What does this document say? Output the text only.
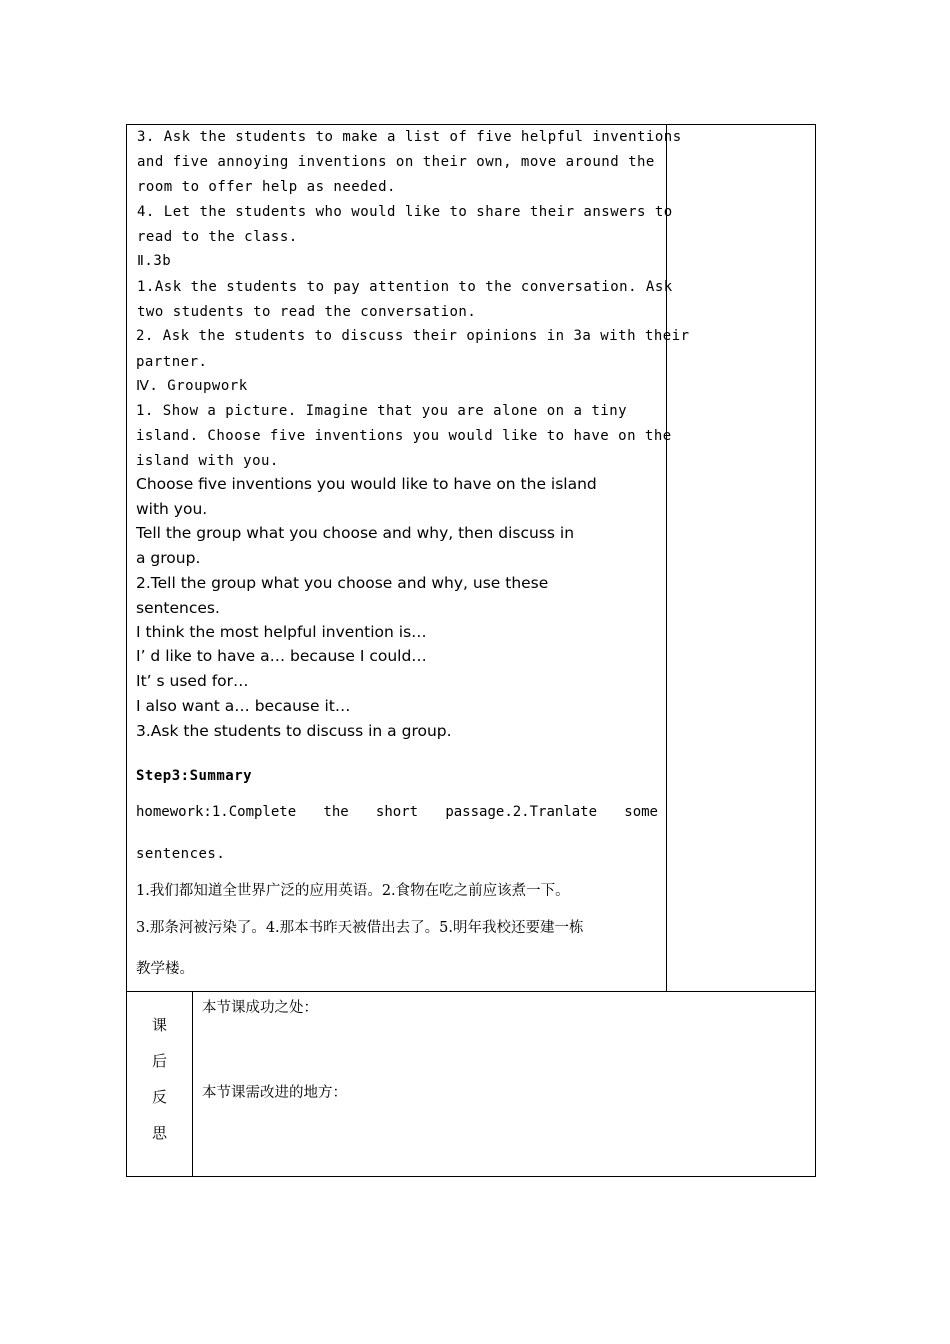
3. Ask the students to make a list of five helpful inventions
and five annoying inventions on their own, move around the
room to offer help as needed.
4. Let the students who would like to share their answers to
read to the class.
Ⅱ.3b
1.Ask the students to pay attention to the conversation. Ask
two students to read the conversation.
2. Ask the students to discuss their opinions in 3a with their
partner.
Ⅳ. Groupwork
1. Show a picture. Imagine that you are alone on a tiny
island. Choose five inventions you would like to have on the
island with you.
Choose five inventions you would like to have on the island
with you.
Tell the group what you choose and why, then discuss in
a group.
2.Tell the group what you choose and why, use these
sentences.
I think the most helpful invention is…
I’ d like to have a… because I could…
It’ s used for…
I also want a… because it…
3.Ask the students to discuss in a group.
Step3:Summary
homework:1.Complete the short passage.2.Tranlate some
sentences.
1.我们都知道全世界广泛的应用英语。2.食物在吃之前应该煮一下。
3.那条河被污染了。4.那本书昨天被借出去了。5.明年我校还要建一栋
教学楼。
课
后
反
思
本节课成功之处：
本节课需改进的地方：
